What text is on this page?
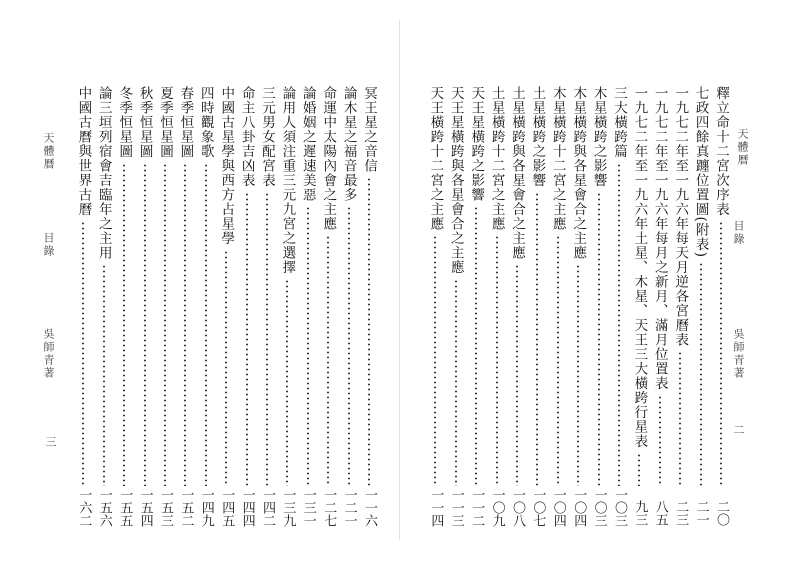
天體曆
目錄
吳師青著
三
冥王星之音信
一一六
論木星之福音最多
一二一
命運中太陽內會之主應
一二七
論婚姻之遲速美惡
一三一
論用人須注重三元九宮之選擇
一三九
三元男女配宮表
一四二
命主八卦吉凶表
一四四
中國古星學與西方占星學
一四五
四時觀象歌
一四九
春季恒星圖
一五二
夏季恒星圖
一五三
秋季恒星圖
一五四
冬季恒星圖
一五五
論三垣列宿會吉臨年之主用
一五六
中國古曆與世界古曆
一六二
天體曆
目錄
吳師青著
二
釋立命十二宮次序表
二〇
七政四餘真躔位置圖(附表)
二一
一九七二年至一九六年每天月逆各宮曆表
二三
一九七二年至一九六年每月之新月、滿月位置表
八五
一九七二年至一九六年土星、木星、天王三大橫跨行星表
九三
三大橫跨篇
一〇三
木星橫跨之影響
一〇三
木星橫跨與各星會合之主應
一〇四
木星橫跨十二宮之主應
一〇四
土星橫跨之影響
一〇七
土星橫跨與各星會合之主應
一〇八
土星橫跨十二宮之主應
一〇九
天王星橫跨之影響
一一二
天王星橫跨與各星會合之主應
一一三
天王橫跨十二宮之主應
一一四
